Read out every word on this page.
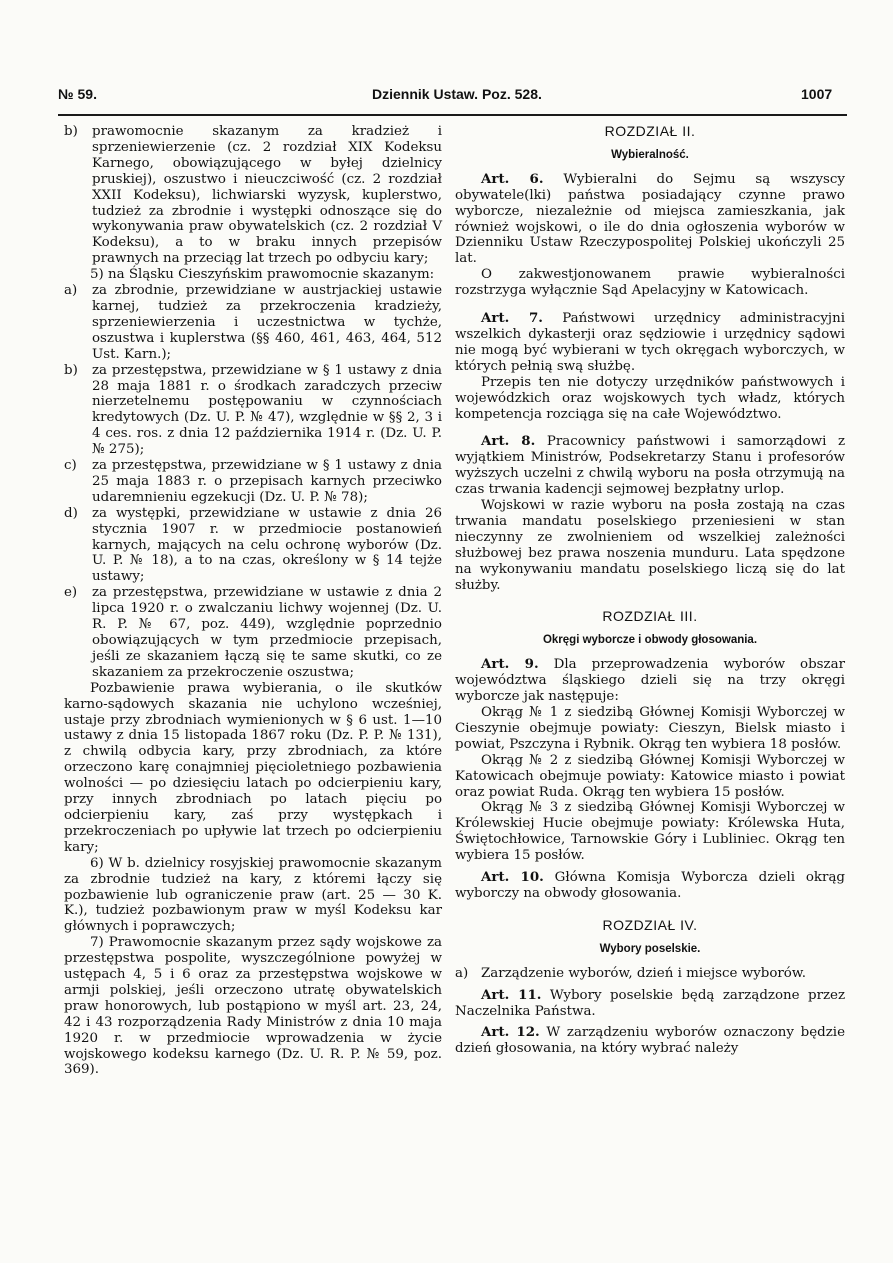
№ 59.	Dziennik Ustaw. Poz. 528.	1007

b) prawomocnie skazanym za kradzież i sprzeniewierzenie (cz. 2 rozdział XIX Kodeksu Karnego, obowiązującego w byłej dzielnicy pruskiej), oszustwo i nieuczciwość (cz. 2 rozdział XXII Kodeksu), lichwiarski wyzysk, kuplerstwo, tudzież za zbrodnie i występki odnoszące się do wykonywania praw obywatelskich (cz. 2 rozdział V Kodeksu), a to w braku innych przepisów prawnych na przeciąg lat trzech po odbyciu kary;

5) na Śląsku Cieszyńskim prawomocnie skazanym:

a) za zbrodnie, przewidziane w austrjackiej ustawie karnej, tudzież za przekroczenia kradzieży, sprzeniewierzenia i uczestnictwa w tychże, oszustwa i kuplerstwa (§§ 460, 461, 463, 464, 512 Ust. Karn.);

b) za przestępstwa, przewidziane w § 1 ustawy z dnia 28 maja 1881 r. o środkach zaradczych przeciw nierzetelnemu postępowaniu w czynnościach kredytowych (Dz. U. P. № 47), względnie w §§ 2, 3 i 4 ces. ros. z dnia 12 października 1914 r. (Dz. U. P. № 275);

c) za przestępstwa, przewidziane w § 1 ustawy z dnia 25 maja 1883 r. o przepisach karnych przeciwko udaremnieniu egzekucji (Dz. U. P. № 78);

d) za występki, przewidziane w ustawie z dnia 26 stycznia 1907 r. w przedmiocie postanowień karnych, mających na celu ochronę wyborów (Dz. U. P. № 18), a to na czas, określony w § 14 tejże ustawy;

e) za przestępstwa, przewidziane w ustawie z dnia 2 lipca 1920 r. o zwalczaniu lichwy wojennej (Dz. U. R. P. № 67, poz. 449), względnie poprzednio obowiązujących w tym przedmiocie przepisach, jeśli ze skazaniem łączą się te same skutki, co ze skazaniem za przekroczenie oszustwa;

Pozbawienie prawa wybierania, o ile skutków karno-sądowych skazania nie uchylono wcześniej, ustaje przy zbrodniach wymienionych w § 6 ust. 1—10 ustawy z dnia 15 listopada 1867 roku (Dz. P. P. № 131), z chwilą odbycia kary, przy zbrodniach, za które orzeczono karę conajmniej pięcioletniego pozbawienia wolności — po dziesięciu latach po odcierpieniu kary, przy innych zbrodniach po latach pięciu po odcierpieniu kary, zaś przy występkach i przekroczeniach po upływie lat trzech po odcierpieniu kary;

6) W b. dzielnicy rosyjskiej prawomocnie skazanym za zbrodnie tudzież na kary, z któremi łączy się pozbawienie lub ograniczenie praw (art. 25 — 30 K. K.), tudzież pozbawionym praw w myśl Kodeksu kar głównych i poprawczych;

7) Prawomocnie skazanym przez sądy wojskowe za przestępstwa pospolite, wyszczególnione powyżej w ustępach 4, 5 i 6 oraz za przestępstwa wojskowe w armji polskiej, jeśli orzeczono utratę obywatelskich praw honorowych, lub postąpiono w myśl art. 23, 24, 42 i 43 rozporządzenia Rady Ministrów z dnia 10 maja 1920 r. w przedmiocie wprowadzenia w życie wojskowego kodeksu karnego (Dz. U. R. P. № 59, poz. 369).

ROZDZIAŁ II.
Wybieralność.

Art. 6. Wybieralni do Sejmu są wszyscy obywatele(lki) państwa posiadający czynne prawo wyborcze, niezależnie od miejsca zamieszkania, jak również wojskowi, o ile do dnia ogłoszenia wyborów w Dzienniku Ustaw Rzeczypospolitej Polskiej ukończyli 25 lat.

O zakwestjonowanem prawie wybieralności rozstrzyga wyłącznie Sąd Apelacyjny w Katowicach.

Art. 7. Państwowi urzędnicy administracyjni wszelkich dykasterji oraz sędziowie i urzędnicy sądowi nie mogą być wybierani w tych okręgach wyborczych, w których pełnią swą służbę.

Przepis ten nie dotyczy urzędników państwowych i wojewódzkich oraz wojskowych tych władz, których kompetencja rozciąga się na całe Województwo.

Art. 8. Pracownicy państwowi i samorządowi z wyjątkiem Ministrów, Podsekretarzy Stanu i profesorów wyższych uczelni z chwilą wyboru na posła otrzymują na czas trwania kadencji sejmowej bezpłatny urlop.

Wojskowi w razie wyboru na posła zostają na czas trwania mandatu poselskiego przeniesieni w stan nieczynny ze zwolnieniem od wszelkiej zależności służbowej bez prawa noszenia munduru. Lata spędzone na wykonywaniu mandatu poselskiego liczą się do lat służby.

ROZDZIAŁ III.
Okręgi wyborcze i obwody głosowania.

Art. 9. Dla przeprowadzenia wyborów obszar województwa śląskiego dzieli się na trzy okręgi wyborcze jak następuje:

Okrąg № 1 z siedzibą Głównej Komisji Wyborczej w Cieszynie obejmuje powiaty: Cieszyn, Bielsk miasto i powiat, Pszczyna i Rybnik. Okrąg ten wybiera 18 posłów.

Okrąg № 2 z siedzibą Głównej Komisji Wyborczej w Katowicach obejmuje powiaty: Katowice miasto i powiat oraz powiat Ruda. Okrąg ten wybiera 15 posłów.

Okrąg № 3 z siedzibą Głównej Komisji Wyborczej w Królewskiej Hucie obejmuje powiaty: Królewska Huta, Świętochłowice, Tarnowskie Góry i Lubliniec. Okrąg ten wybiera 15 posłów.

Art. 10. Główna Komisja Wyborcza dzieli okrąg wyborczy na obwody głosowania.

ROZDZIAŁ IV.
Wybory poselskie.

a) Zarządzenie wyborów, dzień i miejsce wyborów.

Art. 11. Wybory poselskie będą zarządzone przez Naczelnika Państwa.

Art. 12. W zarządzeniu wyborów oznaczony będzie dzień głosowania, na który wybrać należy
